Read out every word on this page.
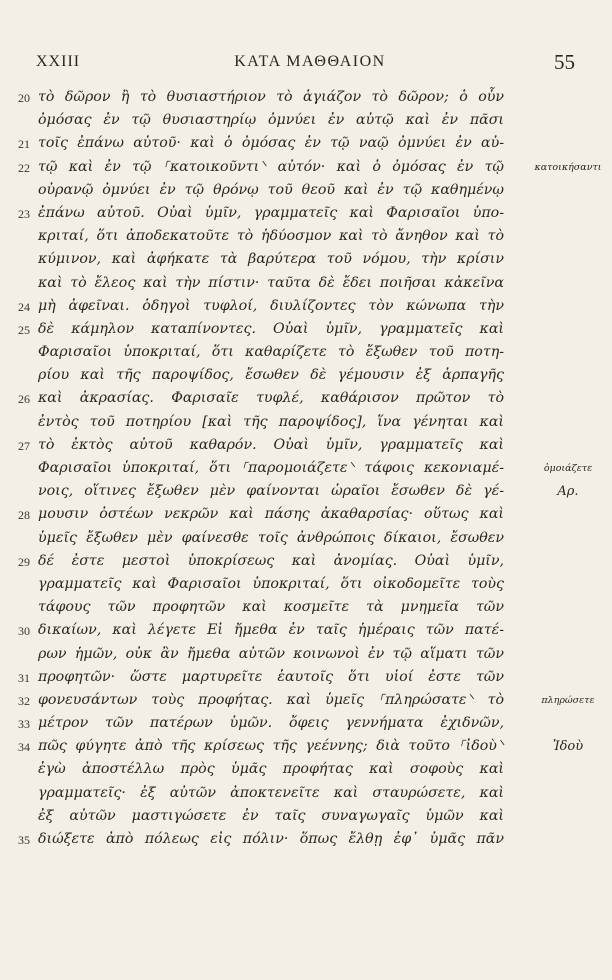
XXIII	ΚΑΤΑ ΜΑΘΘΑΙΟΝ	55
20 τὸ δῶρον ἢ τὸ θυσιαστήριον τὸ ἁγιάζον τὸ δῶρον; ὁ οὖν
ὀμόσας ἐν τῷ θυσιαστηρίῳ ὀμνύει ἐν αὐτῷ καὶ ἐν πᾶσι
21 τοῖς ἐπάνω αὐτοῦ· καὶ ὁ ὀμόσας ἐν τῷ ναῷ ὀμνύει ἐν αὐ-
22 τῷ καὶ ἐν τῷ ⸀κατοικοῦντι⸌ αὐτόν· καὶ ὁ ὀμόσας ἐν τῷ	κατοικήσαντι
οὐρανῷ ὀμνύει ἐν τῷ θρόνῳ τοῦ θεοῦ καὶ ἐν τῷ καθημένῳ
23 ἐπάνω αὐτοῦ. Οὐαὶ ὑμῖν, γραμματεῖς καὶ Φαρισαῖοι ὑπο-
κριταί, ὅτι ἀποδεκατοῦτε τὸ ἡδύοσμον καὶ τὸ ἄνηθον καὶ τὸ
κύμινον, καὶ ἀφήκατε τὰ βαρύτερα τοῦ νόμου, τὴν κρίσιν
καὶ τὸ ἔλεος καὶ τὴν πίστιν· ταῦτα δὲ ἔδει ποιῆσαι κἀκεῖνα
24 μὴ ἀφεῖναι. ὁδηγοὶ τυφλοί, διυλίζοντες τὸν κώνωπα τὴν
25 δὲ κάμηλον καταπίνοντες. Οὐαὶ ὑμῖν, γραμματεῖς καὶ
Φαρισαῖοι ὑποκριταί, ὅτι καθαρίζετε τὸ ἔξωθεν τοῦ ποτη-
ρίου καὶ τῆς παροψίδος, ἔσωθεν δὲ γέμουσιν ἐξ ἁρπαγῆς
26 καὶ ἀκρασίας. Φαρισαῖε τυφλέ, καθάρισον πρῶτον τὸ
ἐντὸς τοῦ ποτηρίου [καὶ τῆς παροψίδος], ἵνα γένηται καὶ
27 τὸ ἐκτὸς αὐτοῦ καθαρόν. Οὐαὶ ὑμῖν, γραμματεῖς καὶ
Φαρισαῖοι ὑποκριταί, ὅτι ⸀παρομοιάζετε⸌ τάφοις κεκονιαμέ-	ὁμοιάζετε
νοις, οἵτινες ἔξωθεν μὲν φαίνονται ὡραῖοι ἔσωθεν δὲ γέ-	Αρ.
28 μουσιν ὀστέων νεκρῶν καὶ πάσης ἀκαθαρσίας· οὕτως καὶ
ὑμεῖς ἔξωθεν μὲν φαίνεσθε τοῖς ἀνθρώποις δίκαιοι, ἔσωθεν
29 δέ ἐστε μεστοὶ ὑποκρίσεως καὶ ἀνομίας. Οὐαὶ ὑμῖν,
γραμματεῖς καὶ Φαρισαῖοι ὑποκριταί, ὅτι οἰκοδομεῖτε τοὺς
τάφους τῶν προφητῶν καὶ κοσμεῖτε τὰ μνημεῖα τῶν
30 δικαίων, καὶ λέγετε Εἰ ἤμεθα ἐν ταῖς ἡμέραις τῶν πατέ-
ρων ἡμῶν, οὐκ ἂν ἤμεθα αὐτῶν κοινωνοὶ ἐν τῷ αἵματι τῶν
31 προφητῶν· ὥστε μαρτυρεῖτε ἑαυτοῖς ὅτι υἱοί ἐστε τῶν
32 φονευσάντων τοὺς προφήτας. καὶ ὑμεῖς ⸀πληρώσατε⸌ τὸ	πληρώσετε
33 μέτρον τῶν πατέρων ὑμῶν. ὄφεις γεννήματα ἐχιδνῶν,
34 πῶς φύγητε ἀπὸ τῆς κρίσεως τῆς γεέννης; διὰ τοῦτο ⸀ἰδοὺ⸌	Ἰδοὺ
ἐγὼ ἀποστέλλω πρὸς ὑμᾶς προφήτας καὶ σοφοὺς καὶ
γραμματεῖς· ἐξ αὐτῶν ἀποκτενεῖτε καὶ σταυρώσετε, καὶ
ἐξ αὐτῶν μαστιγώσετε ἐν ταῖς συναγωγαῖς ὑμῶν καὶ
35 διώξετε ἀπὸ πόλεως εἰς πόλιν· ὅπως ἔλθῃ ἐφ᾽ ὑμᾶς πᾶν
